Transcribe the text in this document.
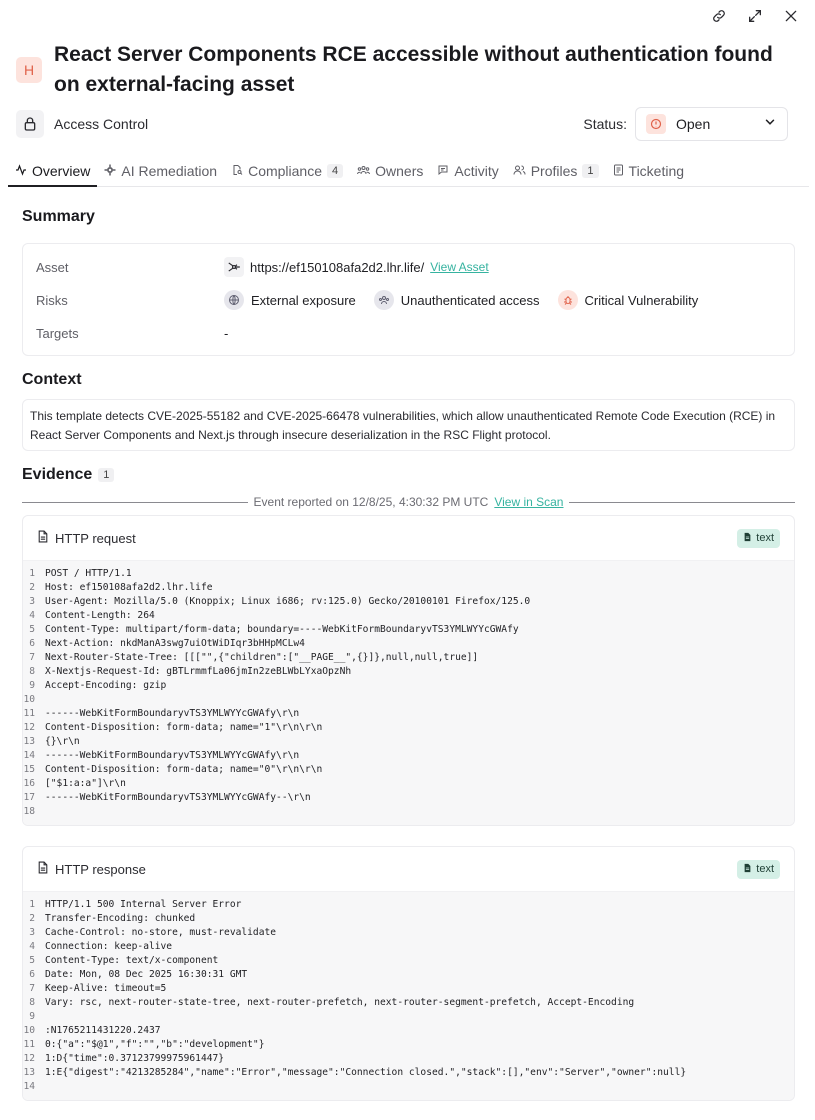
H
React Server Components RCE accessible without authentication found on external-facing asset
Access Control	Status:	Open
Overview AI Remediation Compliance 4	Owners Activity Profiles 1	Ticketing
Summary
Asset	https://ef150108afa2d2.lhr.life/ View Asset
Risks	External exposure	Unauthenticated access	Critical Vulnerability
Targets	-
Context
This template detects CVE-2025-55182 and CVE-2025-66478 vulnerabilities, which allow unauthenticated Remote Code Execution (RCE) in React Server Components and Next.js through insecure deserialization in the RSC Flight protocol.
Evidence	1
Event reported on 12/8/25, 4:30:32 PM UTC View in Scan
HTTP request	text
1	POST / HTTP/1.1
2	Host: ef150108afa2d2.lhr.life
3	User-Agent: Mozilla/5.0 (Knoppix; Linux i686; rv:125.0) Gecko/20100101 Firefox/125.0
4	Content-Length: 264
5	Content-Type: multipart/form-data; boundary=----WebKitFormBoundaryvTS3YMLWYYcGWAfy
6	Next-Action: nkdManA3swg7uiOtWiDIqr3bHHpMCLw4
7	Next-Router-State-Tree: [[["",{"children":["__PAGE__",{}]},null,null,true]]
8	X-Nextjs-Request-Id: gBTLrmmfLa06jmIn2zeBLWbLYxaOpzNh
9	Accept-Encoding: gzip
10
11	------WebKitFormBoundaryvTS3YMLWYYcGWAfy\r\n
12	Content-Disposition: form-data; name="1"\r\n\r\n
13	{}\r\n
14	------WebKitFormBoundaryvTS3YMLWYYcGWAfy\r\n
15	Content-Disposition: form-data; name="0"\r\n\r\n
16	["$1:a:a"]\r\n
17	------WebKitFormBoundaryvTS3YMLWYYcGWAfy--\r\n
18
HTTP response	text
1	HTTP/1.1 500 Internal Server Error
2	Transfer-Encoding: chunked
3	Cache-Control: no-store, must-revalidate
4	Connection: keep-alive
5	Content-Type: text/x-component
6	Date: Mon, 08 Dec 2025 16:30:31 GMT
7	Keep-Alive: timeout=5
8	Vary: rsc, next-router-state-tree, next-router-prefetch, next-router-segment-prefetch, Accept-Encoding
9
10	:N1765211431220.2437
11	0:{"a":"$@1","f":"","b":"development"}
12	1:D{"time":0.37123799975961447}
13	1:E{"digest":"4213285284","name":"Error","message":"Connection closed.","stack":[],"env":"Server","owner":null}
14
